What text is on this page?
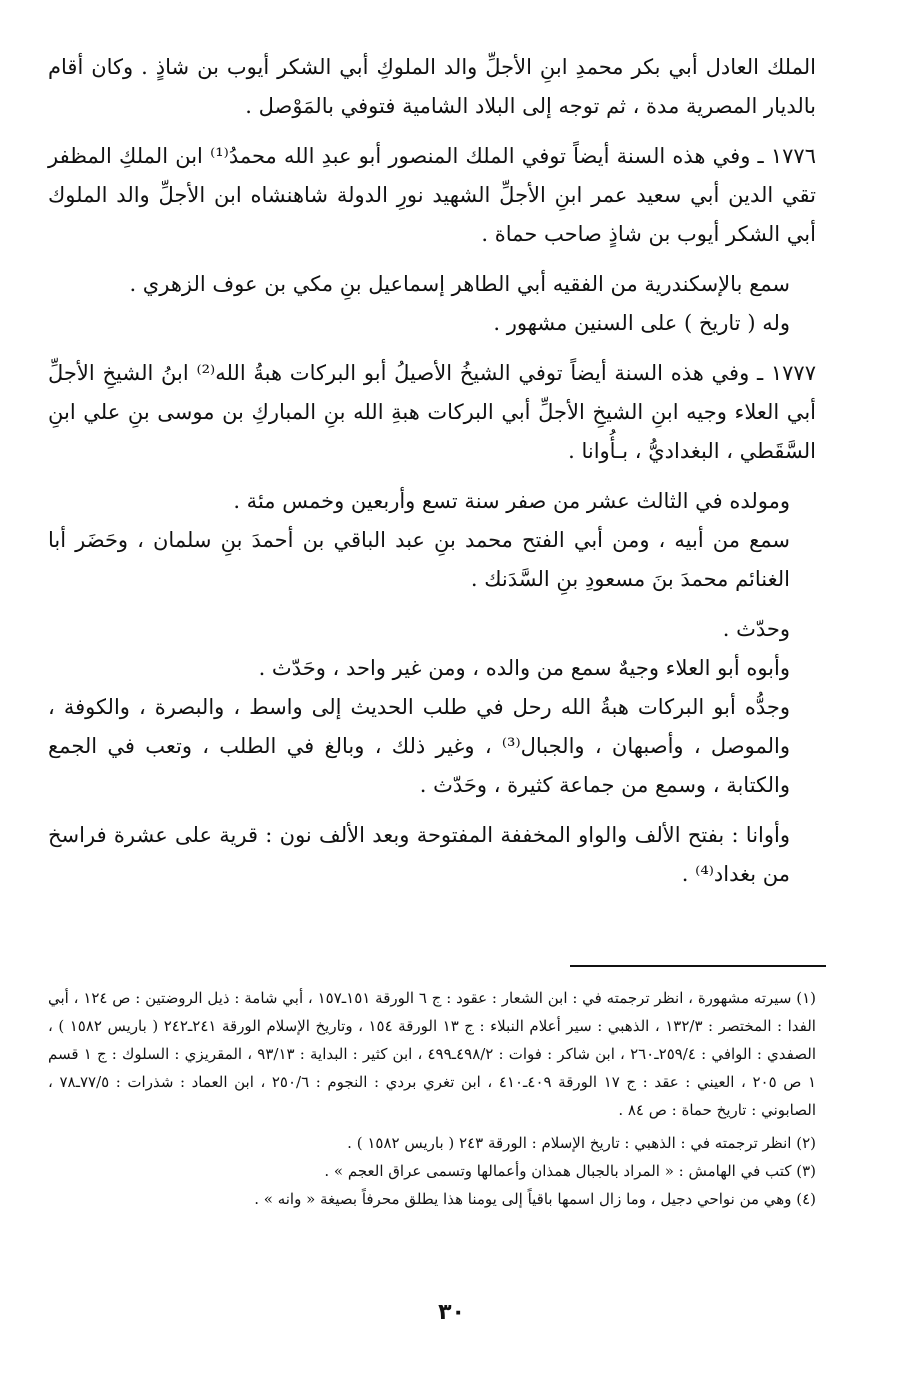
الملك العادل أبي بكر محمدِ ابنِ الأجلِّ والد الملوكِ أبي الشكر أيوب بن شاذٍ . وكان أقام بالديار المصرية مدة ، ثم توجه إلى البلاد الشامية فتوفي بالمَوْصل .

١٧٧٦ ـ وفي هذه السنة أيضاً توفي الملك المنصور أبو عبدِ الله محمدُ⁽¹⁾ ابن الملكِ المظفر تقي الدين أبي سعيد عمر ابنِ الأجلِّ الشهيد نورِ الدولة شاهنشاه ابن الأجلِّ والد الملوك أبي الشكر أيوب بن شاذٍ صاحب حماة .

سمع بالإسكندرية من الفقيه أبي الطاهر إسماعيل بنِ مكي بن عوف الزهري .

وله ( تاريخ ) على السنين مشهور .

١٧٧٧ ـ وفي هذه السنة أيضاً توفي الشيخُ الأصيلُ أبو البركات هبةُ الله⁽²⁾ ابنُ الشيخِ الأجلِّ أبي العلاء وجيه ابنِ الشيخِ الأجلِّ أبي البركات هبةِ الله بنِ المباركِ بن موسى بنِ علي ابنِ السَّقَطي ، البغداديُّ ، بـأُوانا .

ومولده في الثالث عشر من صفر سنة تسع وأربعين وخمس مئة .

سمع من أبيه ، ومن أبي الفتح محمد بنِ عبد الباقي بن أحمدَ بنِ سلمان ، وحَضَر أبا الغنائم محمدَ بنَ مسعودِ بنِ السَّدَنك .

وحدّث .

وأبوه أبو العلاء وجيهٌ سمع من والده ، ومن غير واحد ، وحَدّث .

وجدُّه أبو البركات هبةُ الله رحل في طلب الحديث إلى واسط ، والبصرة ، والكوفة ، والموصل ، وأصبهان ، والجبال⁽³⁾ ، وغير ذلك ، وبالغ في الطلب ، وتعب في الجمع والكتابة ، وسمع من جماعة كثيرة ، وحَدّث .

وأوانا : بفتح الألف والواو المخففة المفتوحة وبعد الألف نون : قرية على عشرة فراسخ من بغداد⁽⁴⁾ .

(١) سيرته مشهورة ، انظر ترجمته في : ابن الشعار : عقود : ج ٦ الورقة ١٥١ـ١٥٧ ، أبي شامة : ذيل الروضتين : ص ١٢٤ ، أبي الفدا : المختصر : ١٣٢/٣ ، الذهبي : سير أعلام النبلاء : ج ١٣ الورقة ١٥٤ ، وتاريخ الإسلام الورقة ٢٤١ـ٢٤٢ ( باريس ١٥٨٢ ) ، الصفدي : الوافي : ٢٥٩/٤ـ٢٦٠ ، ابن شاكر : فوات : ٤٩٨/٢ـ٤٩٩ ، ابن كثير : البداية : ٩٣/١٣ ، المقريزي : السلوك : ج ١ قسم ١ ص ٢٠٥ ، العيني : عقد : ج ١٧ الورقة ٤٠٩ـ٤١٠ ، ابن تغري بردي : النجوم : ٢٥٠/٦ ، ابن العماد : شذرات : ٧٧/٥ـ٧٨ ، الصابوني : تاريخ حماة : ص ٨٤ .

(٢) انظر ترجمته في : الذهبي : تاريخ الإسلام : الورقة ٢٤٣ ( باريس ١٥٨٢ ) .

(٣) كتب في الهامش : « المراد بالجبال همذان وأعمالها وتسمى عراق العجم » .

(٤) وهي من نواحي دجيل ، وما زال اسمها باقياً إلى يومنا هذا يطلق محرفاً بصيغة « وانه » .

٣٠
